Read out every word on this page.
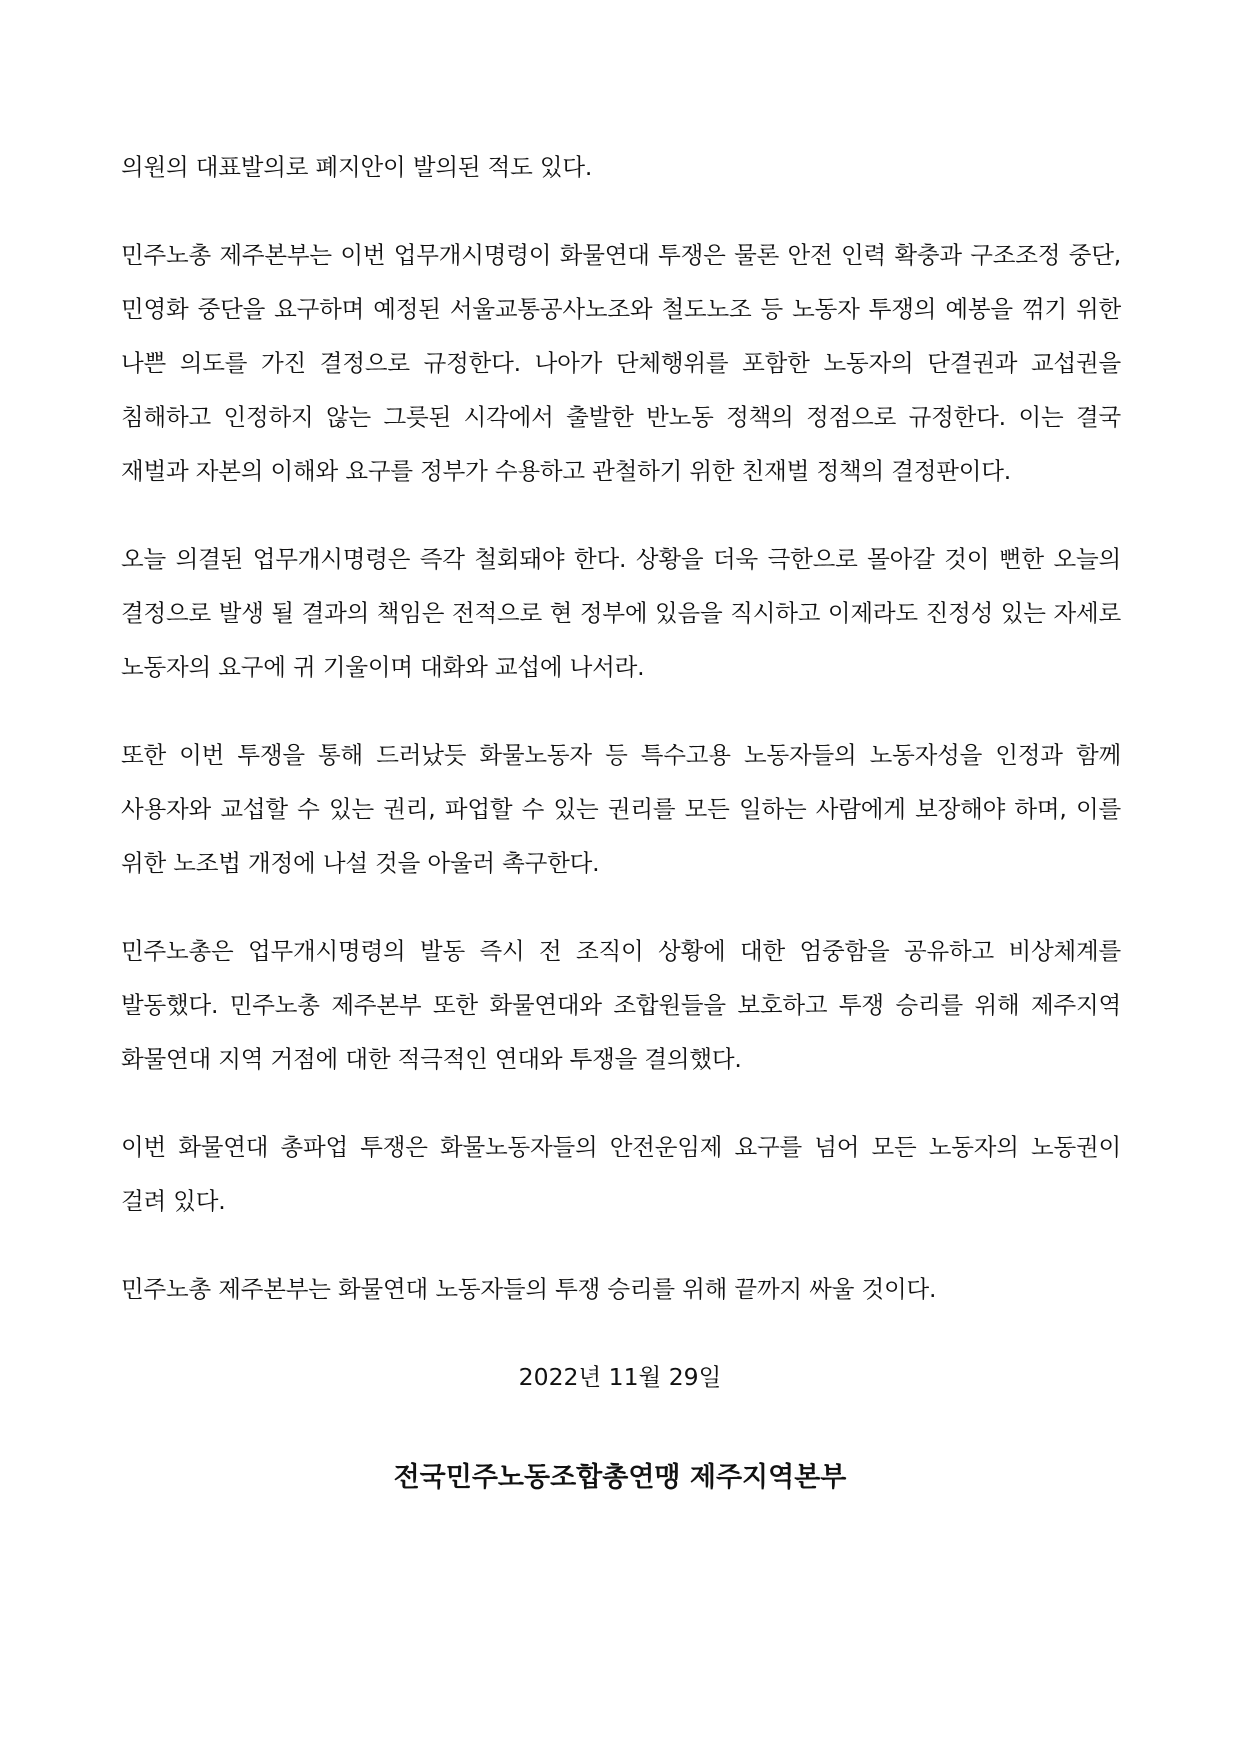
의원의 대표발의로 폐지안이 발의된 적도 있다.

민주노총 제주본부는 이번 업무개시명령이 화물연대 투쟁은 물론 안전 인력 확충과 구조조정 중단, 민영화 중단을 요구하며 예정된 서울교통공사노조와 철도노조 등 노동자 투쟁의 예봉을 꺾기 위한 나쁜 의도를 가진 결정으로 규정한다. 나아가 단체행위를 포함한 노동자의 단결권과 교섭권을 침해하고 인정하지 않는 그릇된 시각에서 출발한 반노동 정책의 정점으로 규정한다. 이는 결국 재벌과 자본의 이해와 요구를 정부가 수용하고 관철하기 위한 친재벌 정책의 결정판이다.

오늘 의결된 업무개시명령은 즉각 철회돼야 한다. 상황을 더욱 극한으로 몰아갈 것이 뻔한 오늘의 결정으로 발생 될 결과의 책임은 전적으로 현 정부에 있음을 직시하고 이제라도 진정성 있는 자세로 노동자의 요구에 귀 기울이며 대화와 교섭에 나서라.

또한 이번 투쟁을 통해 드러났듯 화물노동자 등 특수고용 노동자들의 노동자성을 인정과 함께 사용자와 교섭할 수 있는 권리, 파업할 수 있는 권리를 모든 일하는 사람에게 보장해야 하며, 이를 위한 노조법 개정에 나설 것을 아울러 촉구한다.

민주노총은 업무개시명령의 발동 즉시 전 조직이 상황에 대한 엄중함을 공유하고 비상체계를 발동했다. 민주노총 제주본부 또한 화물연대와 조합원들을 보호하고 투쟁 승리를 위해 제주지역 화물연대 지역 거점에 대한 적극적인 연대와 투쟁을 결의했다.

이번 화물연대 총파업 투쟁은 화물노동자들의 안전운임제 요구를 넘어 모든 노동자의 노동권이 걸려 있다.

민주노총 제주본부는 화물연대 노동자들의 투쟁 승리를 위해 끝까지 싸울 것이다.

2022년 11월 29일
전국민주노동조합총연맹 제주지역본부
